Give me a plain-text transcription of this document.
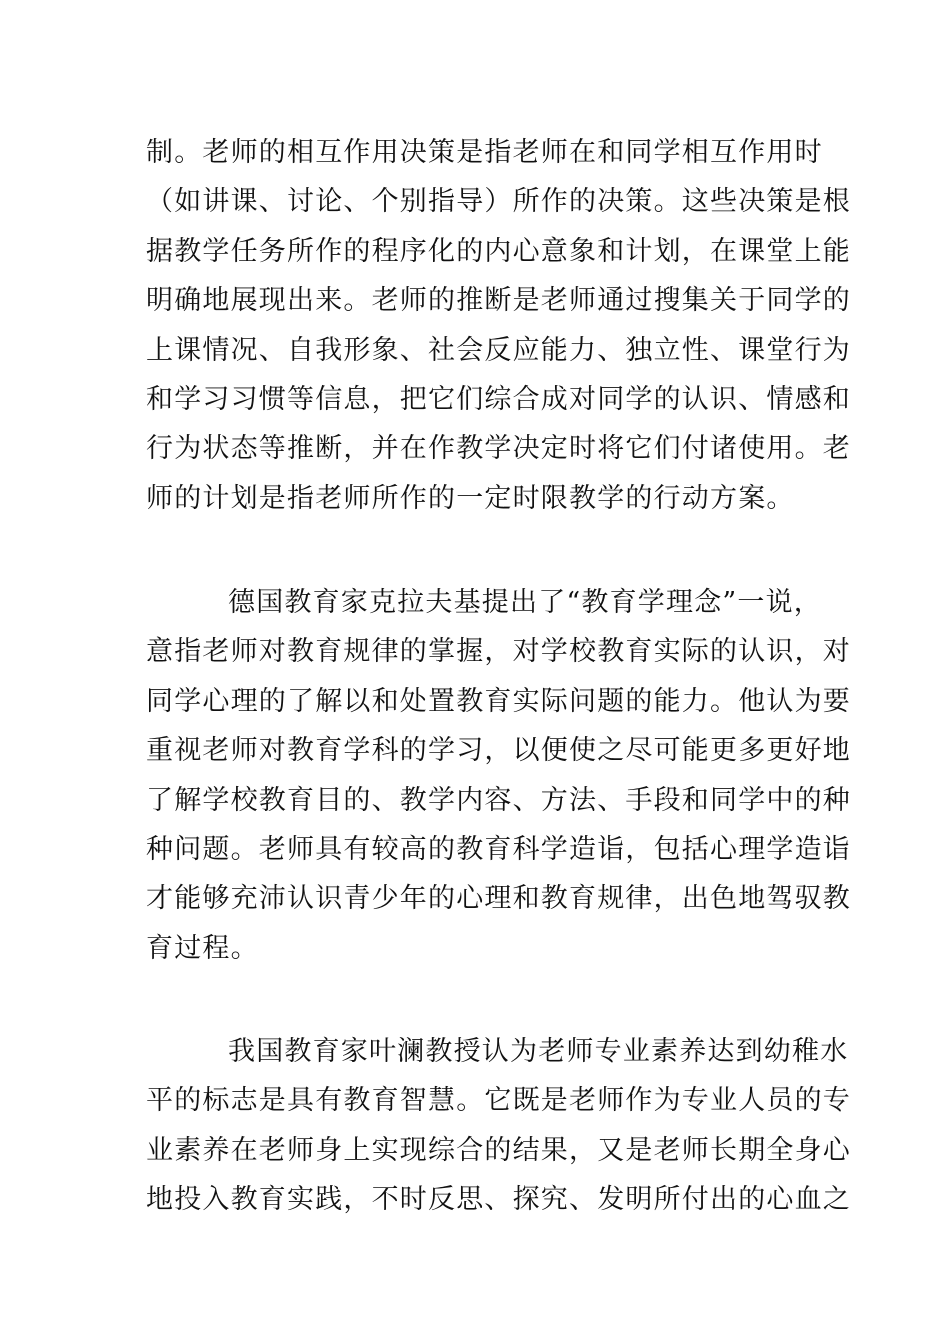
制。老师的相互作用决策是指老师在和同学相互作用时
（如讲课、讨论、个别指导）所作的决策。这些决策是根
据教学任务所作的程序化的内心意象和计划，在课堂上能
明确地展现出来。老师的推断是老师通过搜集关于同学的
上课情况、自我形象、社会反应能力、独立性、课堂行为
和学习习惯等信息，把它们综合成对同学的认识、情感和
行为状态等推断，并在作教学决定时将它们付诸使用。老
师的计划是指老师所作的一定时限教学的行动方案。
德国教育家克拉夫基提出了“教育学理念”一说，
意指老师对教育规律的掌握，对学校教育实际的认识，对
同学心理的了解以和处置教育实际问题的能力。他认为要
重视老师对教育学科的学习，以便使之尽可能更多更好地
了解学校教育目的、教学内容、方法、手段和同学中的种
种问题。老师具有较高的教育科学造诣，包括心理学造诣
才能够充沛认识青少年的心理和教育规律，出色地驾驭教
育过程。
我国教育家叶澜教授认为老师专业素养达到幼稚水
平的标志是具有教育智慧。它既是老师作为专业人员的专
业素养在老师身上实现综合的结果，又是老师长期全身心
地投入教育实践，不时反思、探究、发明所付出的心血之
